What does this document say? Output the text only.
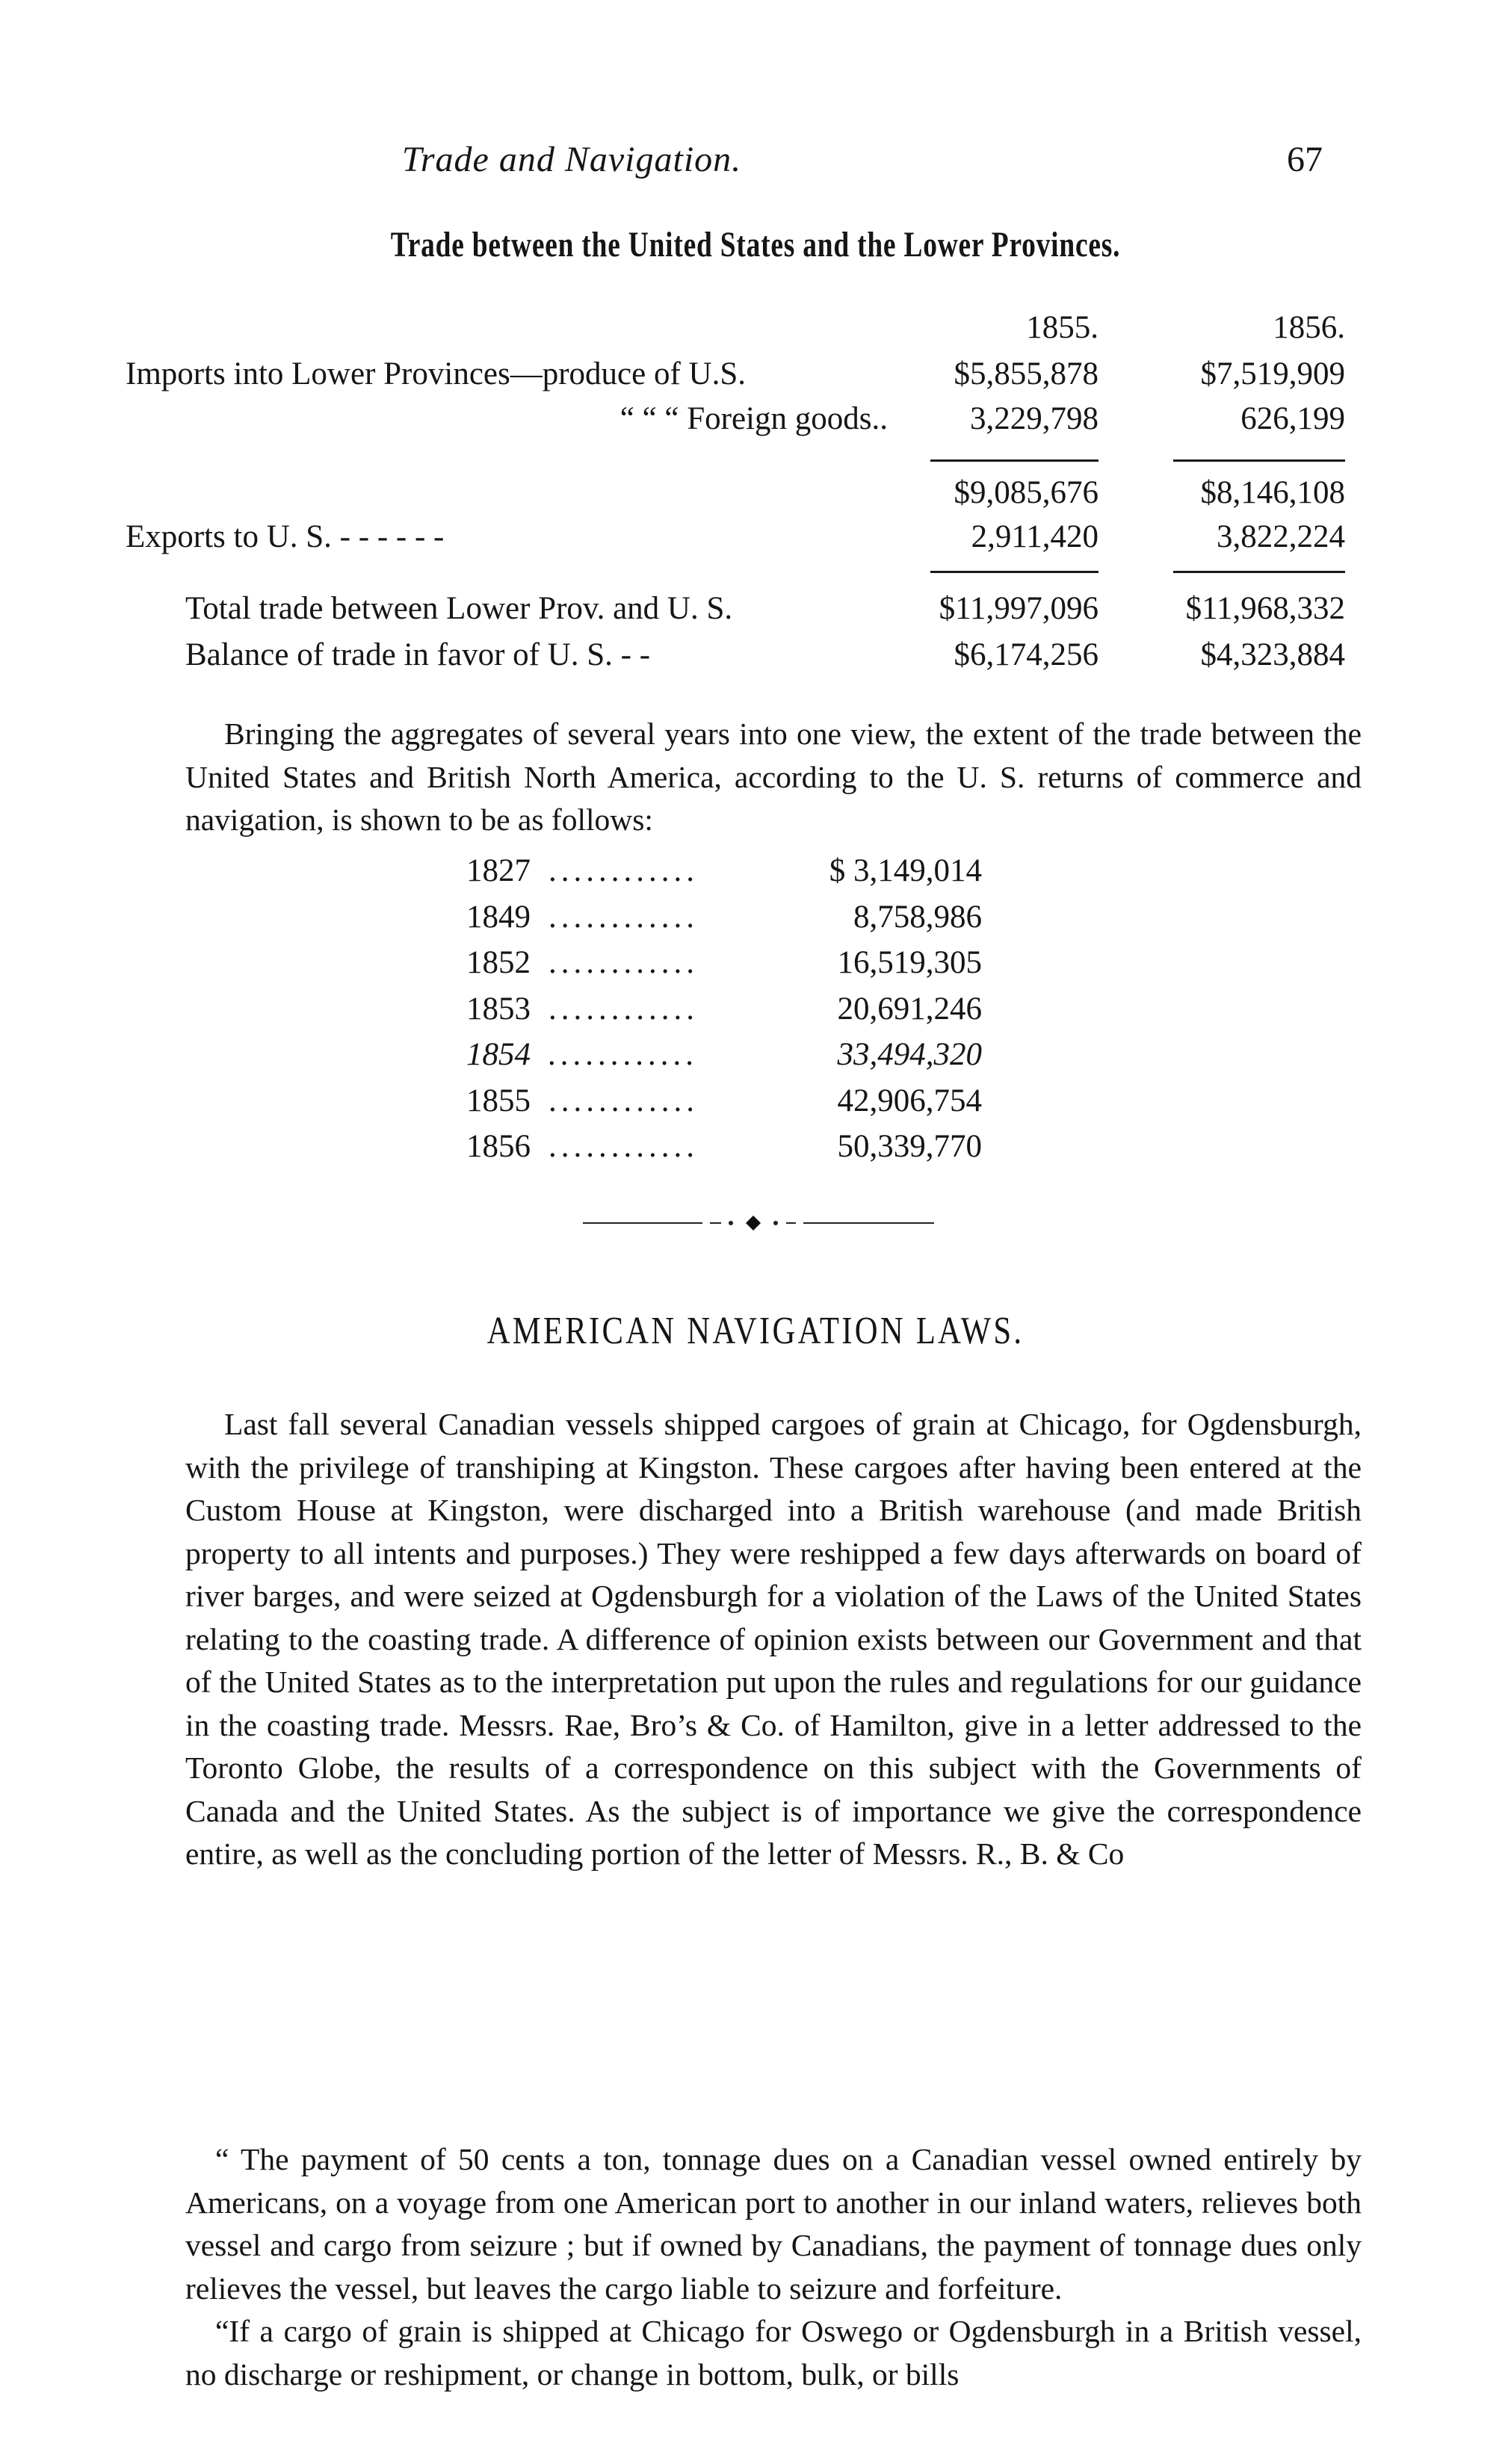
Trade and Navigation.	67
Trade between the United States and the Lower Provinces.
1855.	1856.
Imports into Lower Provinces—produce of U.S.	$5,855,878	$7,519,909
“ “ “ Foreign goods..	3,229,798	626,199
$9,085,676	$8,146,108
Exports to U. S. - - - - - -	2,911,420	3,822,224
Total trade between Lower Prov. and U. S.	$11,997,096	$11,968,332
Balance of trade in favor of U. S. - -	$6,174,256	$4,323,884
Bringing the aggregates of several years into one view, the extent of the trade between the United States and British North America, according to the U. S. returns of commerce and navigation, is shown to be as follows:
1827	............	$ 3,149,014
1849	............	8,758,986
1852	............	16,519,305
1853	............	20,691,246
1854	............	33,494,320
1855	............	42,906,754
1856	............	50,339,770
AMERICAN NAVIGATION LAWS.
Last fall several Canadian vessels shipped cargoes of grain at Chicago, for Ogdensburgh, with the privilege of transhiping at Kingston. These cargoes after having been entered at the Custom House at Kingston, were discharged into a British warehouse (and made British property to all intents and purposes.) They were reshipped a few days afterwards on board of river barges, and were seized at Ogdensburgh for a violation of the Laws of the United States relating to the coasting trade. A difference of opinion exists between our Government and that of the United States as to the interpretation put upon the rules and regulations for our guidance in the coasting trade. Messrs. Rae, Bro’s & Co. of Hamilton, give in a letter addressed to the Toronto Globe, the results of a correspondence on this subject with the Governments of Canada and the United States. As the subject is of importance we give the correspondence entire, as well as the concluding portion of the letter of Messrs. R., B. & Co
“ The payment of 50 cents a ton, tonnage dues on a Canadian vessel owned entirely by Americans, on a voyage from one American port to another in our inland waters, relieves both vessel and cargo from seizure ; but if owned by Canadians, the payment of tonnage dues only relieves the vessel, but leaves the cargo liable to seizure and forfeiture.
“If a cargo of grain is shipped at Chicago for Oswego or Ogdensburgh in a British vessel, no discharge or reshipment, or change in bottom, bulk, or bills
